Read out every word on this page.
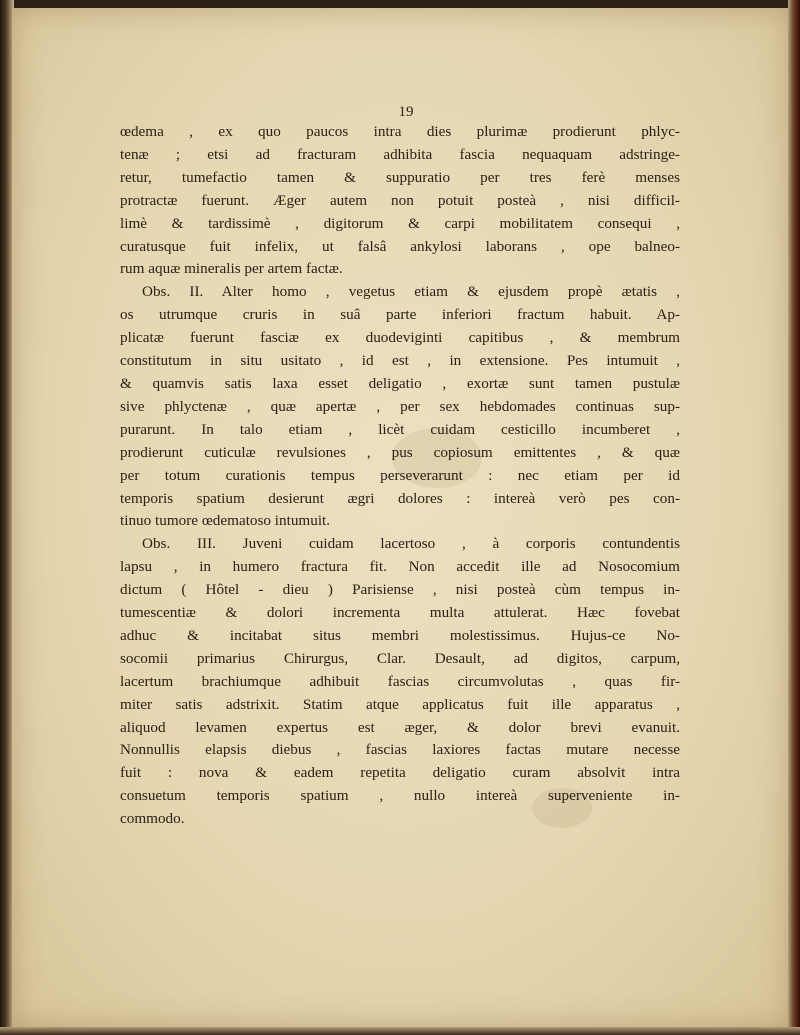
19
œdema , ex quo paucos intra dies plurimæ prodierunt phlyc-
tenæ ; etsi ad fracturam adhibita fascia nequaquam adstringe-
retur, tumefactio tamen & suppuratio per tres ferè menses
protractæ fuerunt. Æger autem non potuit posteà , nisi difficil-
limè & tardissimè , digitorum & carpi mobilitatem consequi ,
curatusque fuit infelix, ut falsâ ankylosi laborans , ope balneo-
rum aquæ mineralis per artem factæ.
Obs. II. Alter homo , vegetus etiam & ejusdem propè ætatis ,
os utrumque cruris in suâ parte inferiori fractum habuit. Ap-
plicatæ fuerunt fasciæ ex duodeviginti capitibus , & membrum
constitutum in situ usitato , id est , in extensione. Pes intumuit ,
& quamvis satis laxa esset deligatio , exortæ sunt tamen pustulæ
sive phlyctenæ , quæ apertæ , per sex hebdomades continuas sup-
purarunt. In talo etiam , licèt cuidam cesticillo incumberet ,
prodierunt cuticulæ revulsiones , pus copiosum emittentes , & quæ
per totum curationis tempus perseverarunt : nec etiam per id
temporis spatium desierunt ægri dolores : intereà verò pes con-
tinuo tumore œdematoso intumuit.
Obs. III. Juveni cuidam lacertoso , à corporis contundentis
lapsu , in humero fractura fit. Non accedit ille ad Nosocomium
dictum ( Hôtel - dieu ) Parisiense , nisi posteà cùm tempus in-
tumescentiæ & dolori incrementa multa attulerat. Hæc fovebat
adhuc & incitabat situs membri molestissimus. Hujus-ce No-
socomii primarius Chirurgus, Clar. Desault, ad digitos, carpum,
lacertum brachiumque adhibuit fascias circumvolutas , quas fir-
miter satis adstrixit. Statim atque applicatus fuit ille apparatus ,
aliquod levamen expertus est æger, & dolor brevi evanuit.
Nonnullis elapsis diebus , fascias laxiores factas mutare necesse
fuit : nova & eadem repetita deligatio curam absolvit intra
consuetum temporis spatium , nullo intereà superveniente in-
commodo.
